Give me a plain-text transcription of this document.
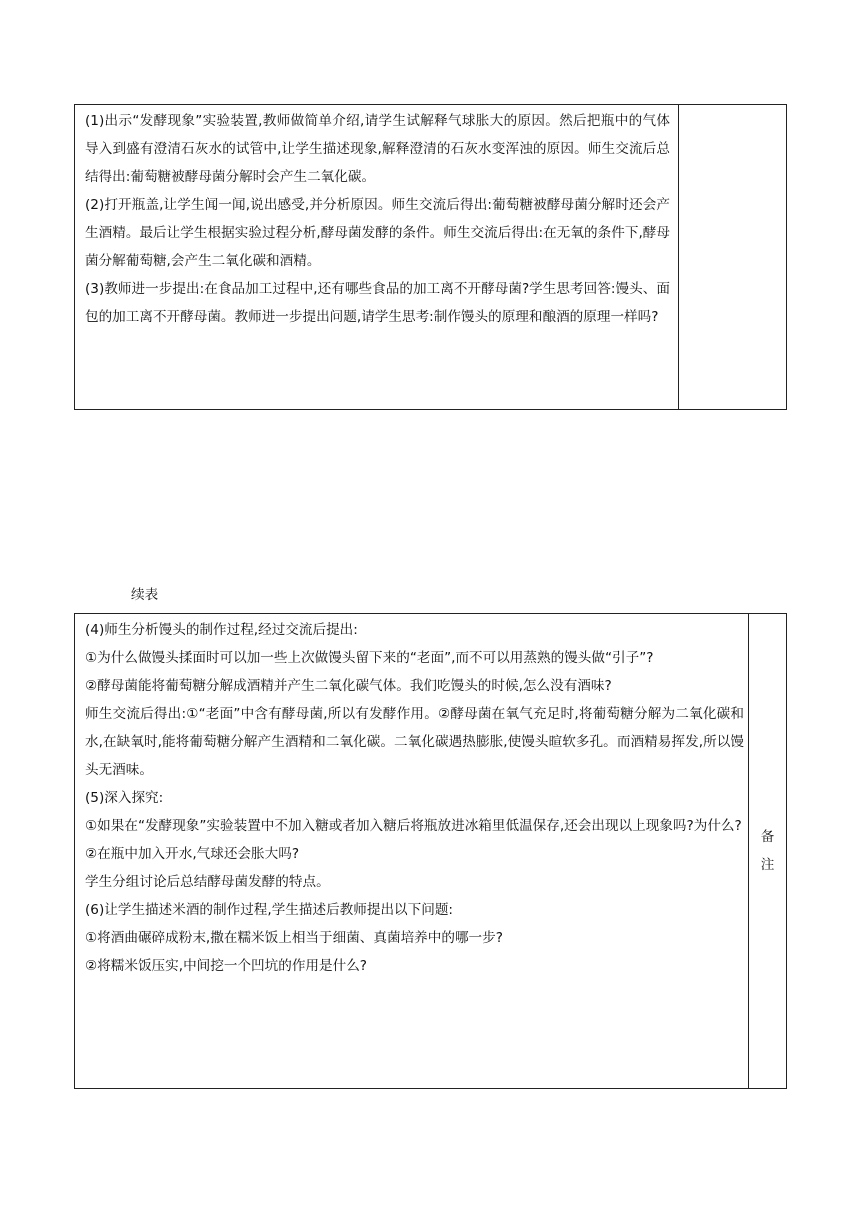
(1)出示“发酵现象”实验装置,教师做简单介绍,请学生试解释气球胀大的原因。然后把瓶中的气体导入到盛有澄清石灰水的试管中,让学生描述现象,解释澄清的石灰水变浑浊的原因。师生交流后总结得出:葡萄糖被酵母菌分解时会产生二氧化碳。

(2)打开瓶盖,让学生闻一闻,说出感受,并分析原因。师生交流后得出:葡萄糖被酵母菌分解时还会产生酒精。最后让学生根据实验过程分析,酵母菌发酵的条件。师生交流后得出:在无氧的条件下,酵母菌分解葡萄糖,会产生二氧化碳和酒精。

(3)教师进一步提出:在食品加工过程中,还有哪些食品的加工离不开酵母菌?学生思考回答:馒头、面包的加工离不开酵母菌。教师进一步提出问题,请学生思考:制作馒头的原理和酿酒的原理一样吗?

续表

(4)师生分析馒头的制作过程,经过交流后提出:

①为什么做馒头揉面时可以加一些上次做馒头留下来的“老面”,而不可以用蒸熟的馒头做“引子”?

②酵母菌能将葡萄糖分解成酒精并产生二氧化碳气体。我们吃馒头的时候,怎么没有酒味?

师生交流后得出:①“老面”中含有酵母菌,所以有发酵作用。②酵母菌在氧气充足时,将葡萄糖分解为二氧化碳和水,在缺氧时,能将葡萄糖分解产生酒精和二氧化碳。二氧化碳遇热膨胀,使馒头暄软多孔。而酒精易挥发,所以馒头无酒味。

(5)深入探究:

①如果在“发酵现象”实验装置中不加入糖或者加入糖后将瓶放进冰箱里低温保存,还会出现以上现象吗?为什么?

②在瓶中加入开水,气球还会胀大吗?

学生分组讨论后总结酵母菌发酵的特点。

(6)让学生描述米酒的制作过程,学生描述后教师提出以下问题:

①将酒曲碾碎成粉末,撒在糯米饭上相当于细菌、真菌培养中的哪一步?

②将糯米饭压实,中间挖一个凹坑的作用是什么?

备
注
